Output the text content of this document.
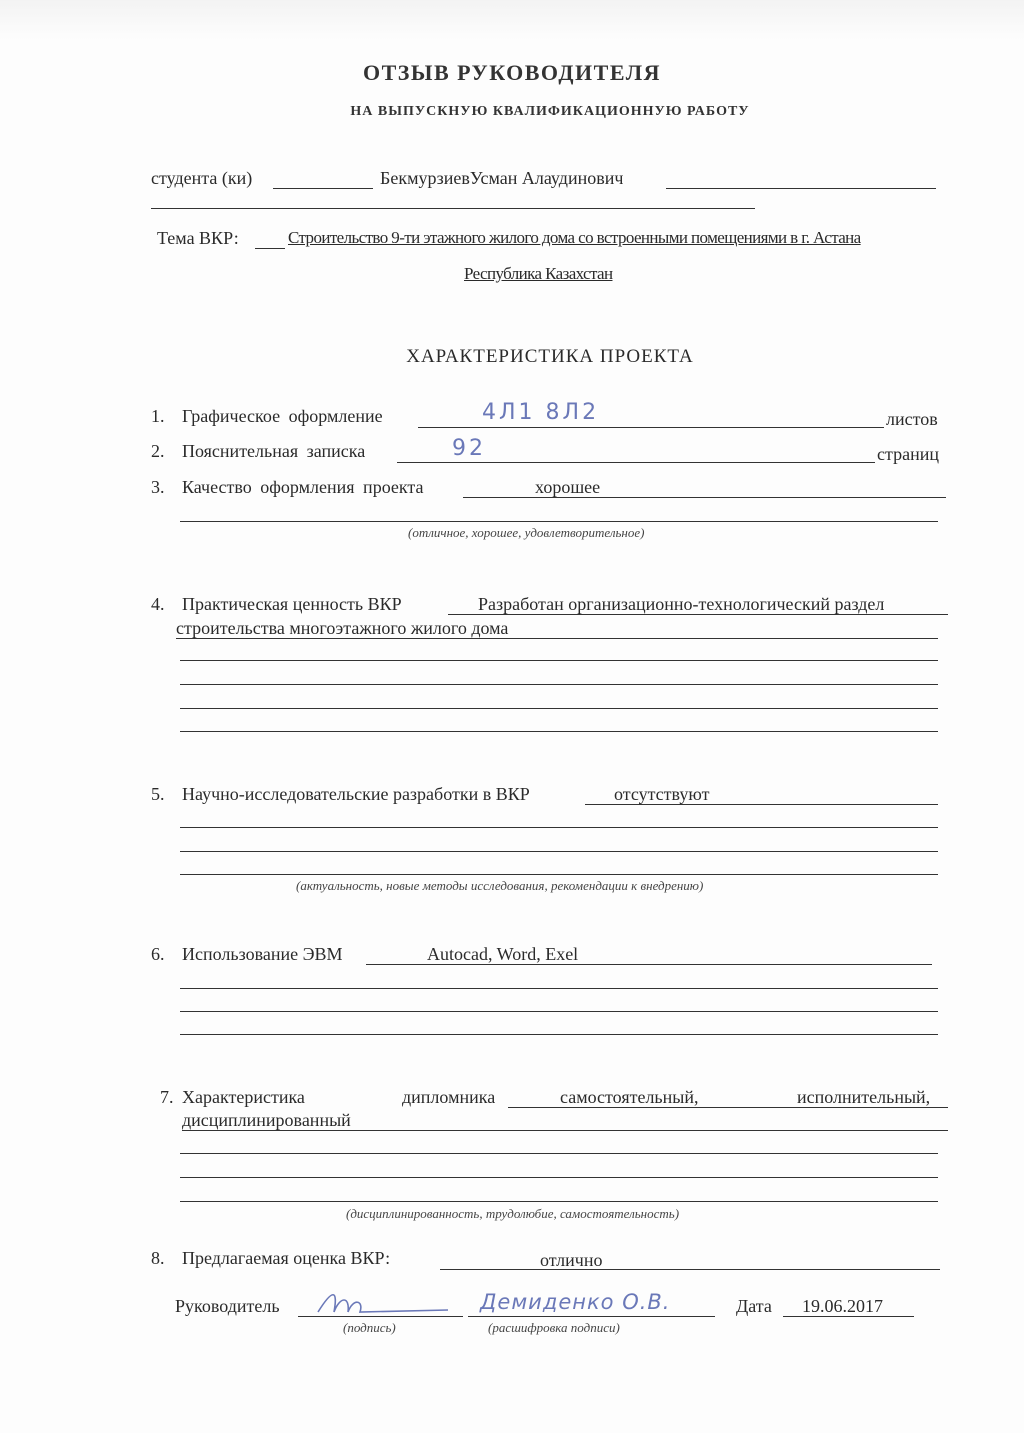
ОТЗЫВ РУКОВОДИТЕЛЯ
НА ВЫПУСКНУЮ КВАЛИФИКАЦИОННУЮ РАБОТУ
студента (ки)	БекмурзиевУсман Алаудинович
Тема ВКР:	Строительство 9-ти этажного жилого дома со встроенными помещениями в г. Астана
Республика Казахстан
ХАРАКТЕРИСТИКА ПРОЕКТА
1. Графическое оформление	4Л1 8Л2	листов
2. Пояснительная записка	92	страниц
3. Качество оформления проекта	хорошее
(отличное, хорошее, удовлетворительное)
4. Практическая ценность ВКР	Разработан организационно-технологический раздел
строительства многоэтажного жилого дома
5. Научно-исследовательские разработки в ВКР	отсутствуют
(актуальность, новые методы исследования, рекомендации к внедрению)
6. Использование ЭВМ	Autocad, Word, Exel
7. Характеристика	дипломника	самостоятельный,	исполнительный,
дисциплинированный
(дисциплинированность, трудолюбие, самостоятельность)
8. Предлагаемая оценка ВКР:	отлично
Руководитель
(подпись)
Демиденко О.В.
(расшифровка подписи)
Дата 19.06.2017
